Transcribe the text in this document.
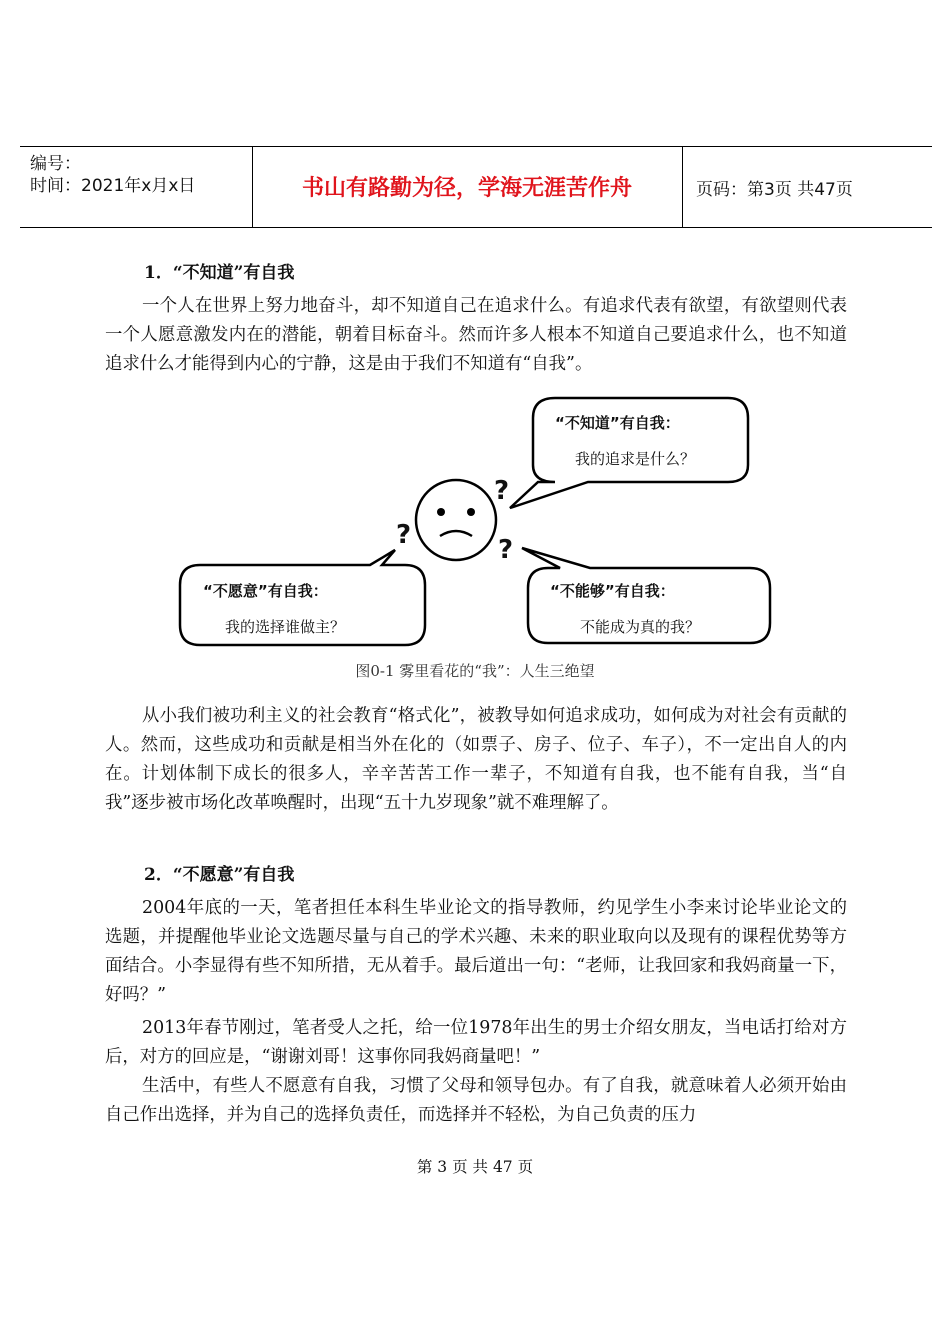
编号：
时间：2021年x月x日	书山有路勤为径，学海无涯苦作舟	页码：第3页 共47页
1．“不知道”有自我
一个人在世界上努力地奋斗，却不知道自己在追求什么。有追求代表有欲望，有欲望则代表一个人愿意激发内在的潜能，朝着目标奋斗。然而许多人根本不知道自己要追求什么，也不知道追求什么才能得到内心的宁静，这是由于我们不知道有“自我”。
“不知道”有自我：
我的追求是什么？
“不愿意”有自我：
我的选择谁做主？
“不能够”有自我：
不能成为真的我？
?
?	?
图0-1 雾里看花的“我”：人生三绝望
从小我们被功利主义的社会教育“格式化”，被教导如何追求成功，如何成为对社会有贡献的人。然而，这些成功和贡献是相当外在化的（如票子、房子、位子、车子），不一定出自人的内在。计划体制下成长的很多人，辛辛苦苦工作一辈子，不知道有自我，也不能有自我，当“自我”逐步被市场化改革唤醒时，出现“五十九岁现象”就不难理解了。
2．“不愿意”有自我
2004年底的一天，笔者担任本科生毕业论文的指导教师，约见学生小李来讨论毕业论文的选题，并提醒他毕业论文选题尽量与自己的学术兴趣、未来的职业取向以及现有的课程优势等方面结合。小李显得有些不知所措，无从着手。最后道出一句：“老师，让我回家和我妈商量一下，好吗？”
2013年春节刚过，笔者受人之托，给一位1978年出生的男士介绍女朋友，当电话打给对方后，对方的回应是，“谢谢刘哥！这事你同我妈商量吧！”
生活中，有些人不愿意有自我，习惯了父母和领导包办。有了自我，就意味着人必须开始由自己作出选择，并为自己的选择负责任，而选择并不轻松，为自己负责的压力
第 3 页 共 47 页
